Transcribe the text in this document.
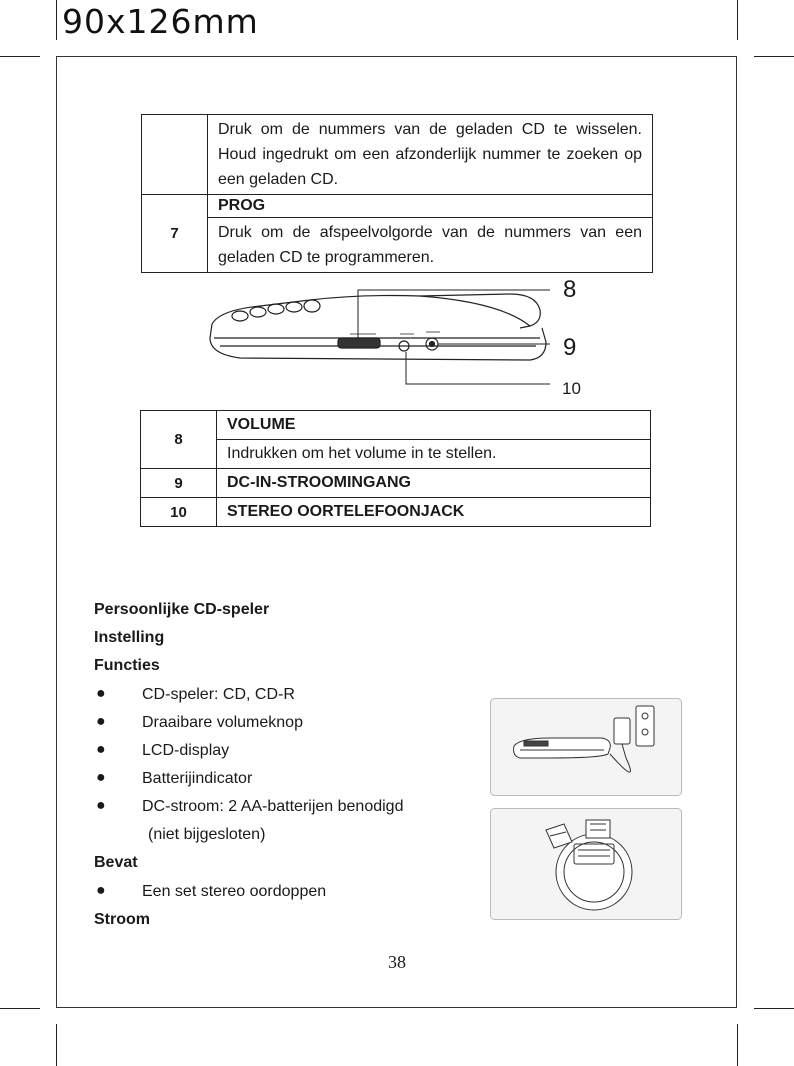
90x126mm
	Druk om de nummers van de geladen CD te wisselen. Houd ingedrukt om een afzonderlijk nummer te zoeken op een geladen CD.
7	PROG
	Druk om de afspeelvolgorde van de nummers van een geladen CD te programmeren.
8
9
10
8	VOLUME
	Indrukken om het volume in te stellen.
9	DC-IN-STROOMINGANG
10	STEREO OORTELEFOONJACK
Persoonlijke CD-speler
Instelling
Functies
● CD-speler: CD, CD-R
● Draaibare volumeknop
● LCD-display
● Batterijindicator
● DC-stroom: 2 AA-batterijen benodigd
(niet bijgesloten)
Bevat
● Een set stereo oordoppen
Stroom
38
